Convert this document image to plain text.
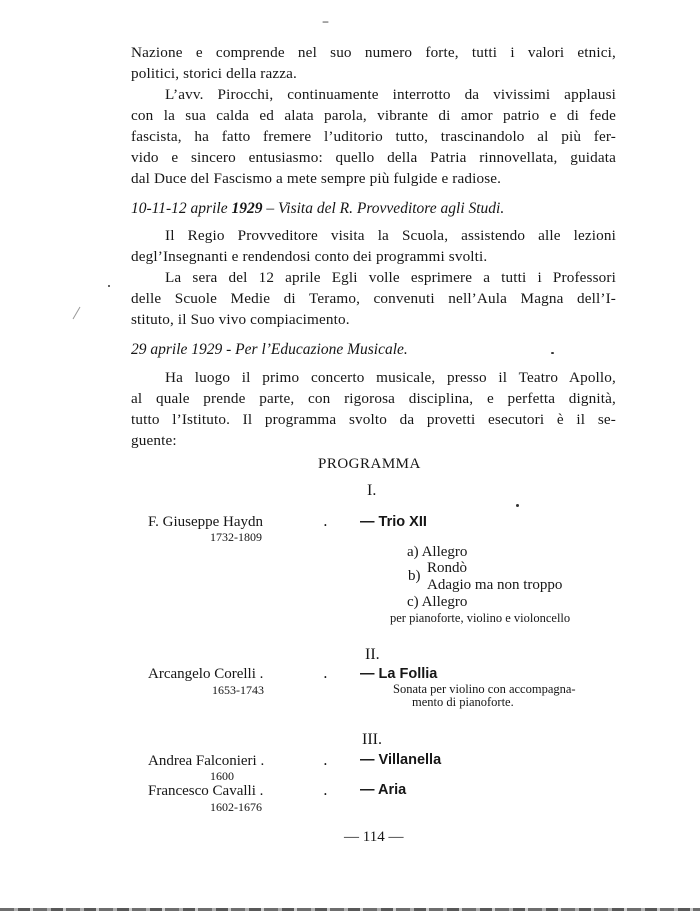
–
Nazione e comprende nel suo numero forte, tutti i valori etnici,
politici, storici della razza.
L’avv. Pirocchi, continuamente interrotto da vivissimi applausi
con la sua calda ed alata parola, vibrante di amor patrio e di fede
fascista, ha fatto fremere l’uditorio tutto, trascinandolo al più fer-
vido e sincero entusiasmo: quello della Patria rinnovellata, guidata
dal Duce del Fascismo a mete sempre più fulgide e radiose.
10-11-12 aprile 1929 – Visita del R. Provveditore agli Studi.
Il Regio Provveditore visita la Scuola, assistendo alle lezioni
degl’Insegnanti e rendendosi conto dei programmi svolti.
La sera del 12 aprile Egli volle esprimere a tutti i Professori
delle Scuole Medie di Teramo, convenuti nell’Aula Magna dell’I-
stituto, il Suo vivo compiacimento.
29 aprile 1929 - Per l’Educazione Musicale.
Ha luogo il primo concerto musicale, presso il Teatro Apollo,
al quale prende parte, con rigorosa disciplina, e perfetta dignità,
tutto l’Istituto. Il programma svolto da provetti esecutori è il se-
guente:
PROGRAMMA
I.
F. Giuseppe Haydn
1732-1809
. — Trio XII
a) Allegro
b) Rondò
Adagio ma non troppo
c) Allegro
per pianoforte, violino e violoncello
II.
Arcangelo Corelli .
1653-1743
. — La Follia
Sonata per violino con accompagna-
mento di pianoforte.
III.
Andrea Falconieri .
1600
. — Villanella
Francesco Cavalli .
1602-1676
. — Aria
— 114 —
